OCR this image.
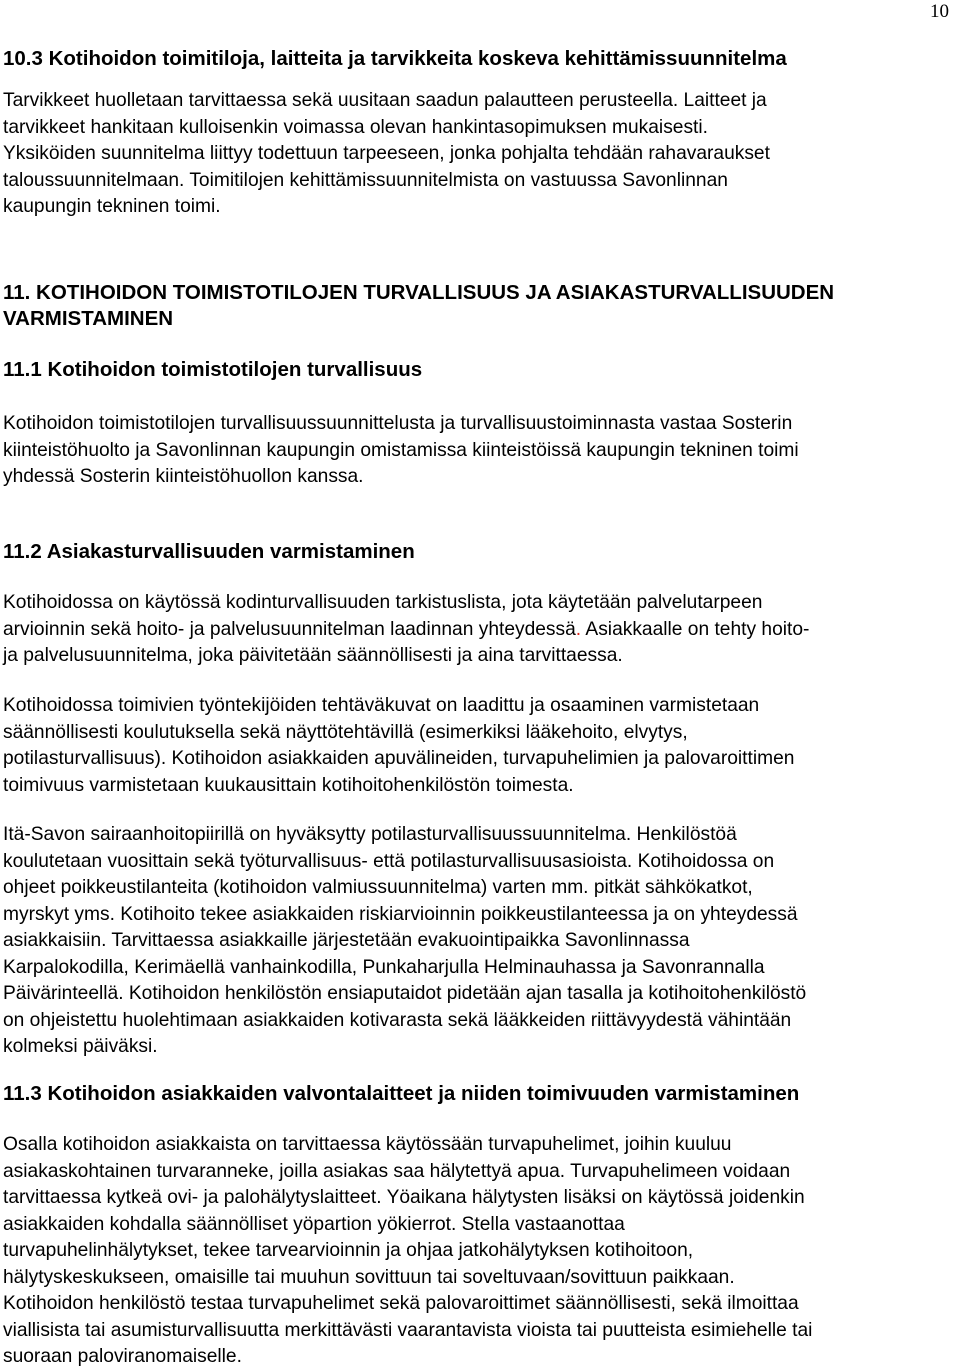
10
10.3 Kotihoidon toimitiloja, laitteita ja tarvikkeita koskeva kehittämissuunnitelma
Tarvikkeet huolletaan tarvittaessa sekä uusitaan saadun palautteen perusteella. Laitteet ja
tarvikkeet hankitaan kulloisenkin voimassa olevan hankintasopimuksen mukaisesti.
Yksiköiden suunnitelma liittyy todettuun tarpeeseen, jonka pohjalta tehdään rahavaraukset
taloussuunnitelmaan. Toimitilojen kehittämissuunnitelmista on vastuussa Savonlinnan
kaupungin tekninen toimi.
11. KOTIHOIDON TOIMISTOTILOJEN TURVALLISUUS JA ASIAKASTURVALLISUUDEN
VARMISTAMINEN
11.1 Kotihoidon toimistotilojen turvallisuus
Kotihoidon toimistotilojen turvallisuussuunnittelusta ja turvallisuustoiminnasta vastaa Sosterin
kiinteistöhuolto ja Savonlinnan kaupungin omistamissa kiinteistöissä kaupungin tekninen toimi
yhdessä Sosterin kiinteistöhuollon kanssa.
11.2 Asiakasturvallisuuden varmistaminen
Kotihoidossa on käytössä kodinturvallisuuden tarkistuslista, jota käytetään palvelutarpeen
arvioinnin sekä hoito- ja palvelusuunnitelman laadinnan yhteydessä. Asiakkaalle on tehty hoito-
ja palvelusuunnitelma, joka päivitetään säännöllisesti ja aina tarvittaessa.
Kotihoidossa toimivien työntekijöiden tehtäväkuvat on laadittu ja osaaminen varmistetaan
säännöllisesti koulutuksella sekä näyttötehtävillä (esimerkiksi lääkehoito, elvytys,
potilasturvallisuus). Kotihoidon asiakkaiden apuvälineiden, turvapuhelimien ja palovaroittimen
toimivuus varmistetaan kuukausittain kotihoitohenkilöstön toimesta.
Itä-Savon sairaanhoitopiirillä on hyväksytty potilasturvallisuussuunnitelma. Henkilöstöä
koulutetaan vuosittain sekä työturvallisuus- että potilasturvallisuusasioista. Kotihoidossa on
ohjeet poikkeustilanteita (kotihoidon valmiussuunnitelma) varten mm. pitkät sähkökatkot,
myrskyt yms. Kotihoito tekee asiakkaiden riskiarvioinnin poikkeustilanteessa ja on yhteydessä
asiakkaisiin. Tarvittaessa asiakkaille järjestetään evakuointipaikka Savonlinnassa
Karpalokodilla, Kerimäellä vanhainkodilla, Punkaharjulla Helminauhassa ja Savonrannalla
Päivärinteellä. Kotihoidon henkilöstön ensiaputaidot pidetään ajan tasalla ja kotihoitohenkilöstö
on ohjeistettu huolehtimaan asiakkaiden kotivarasta sekä lääkkeiden riittävyydestä vähintään
kolmeksi päiväksi.
11.3 Kotihoidon asiakkaiden valvontalaitteet ja niiden toimivuuden varmistaminen
Osalla kotihoidon asiakkaista on tarvittaessa käytössään turvapuhelimet, joihin kuuluu
asiakaskohtainen turvaranneke, joilla asiakas saa hälytettyä apua. Turvapuhelimeen voidaan
tarvittaessa kytkeä ovi- ja palohälytyslaitteet. Yöaikana hälytysten lisäksi on käytössä joidenkin
asiakkaiden kohdalla säännölliset yöpartion yökierrot. Stella vastaanottaa
turvapuhelinhälytykset, tekee tarvearvioinnin ja ohjaa jatkohälytyksen kotihoitoon,
hälytyskeskukseen, omaisille tai muuhun sovittuun tai soveltuvaan/sovittuun paikkaan.
Kotihoidon henkilöstö testaa turvapuhelimet sekä palovaroittimet säännöllisesti, sekä ilmoittaa
viallisista tai asumisturvallisuutta merkittävästi vaarantavista vioista tai puutteista esimiehelle tai
suoraan paloviranomaiselle.
